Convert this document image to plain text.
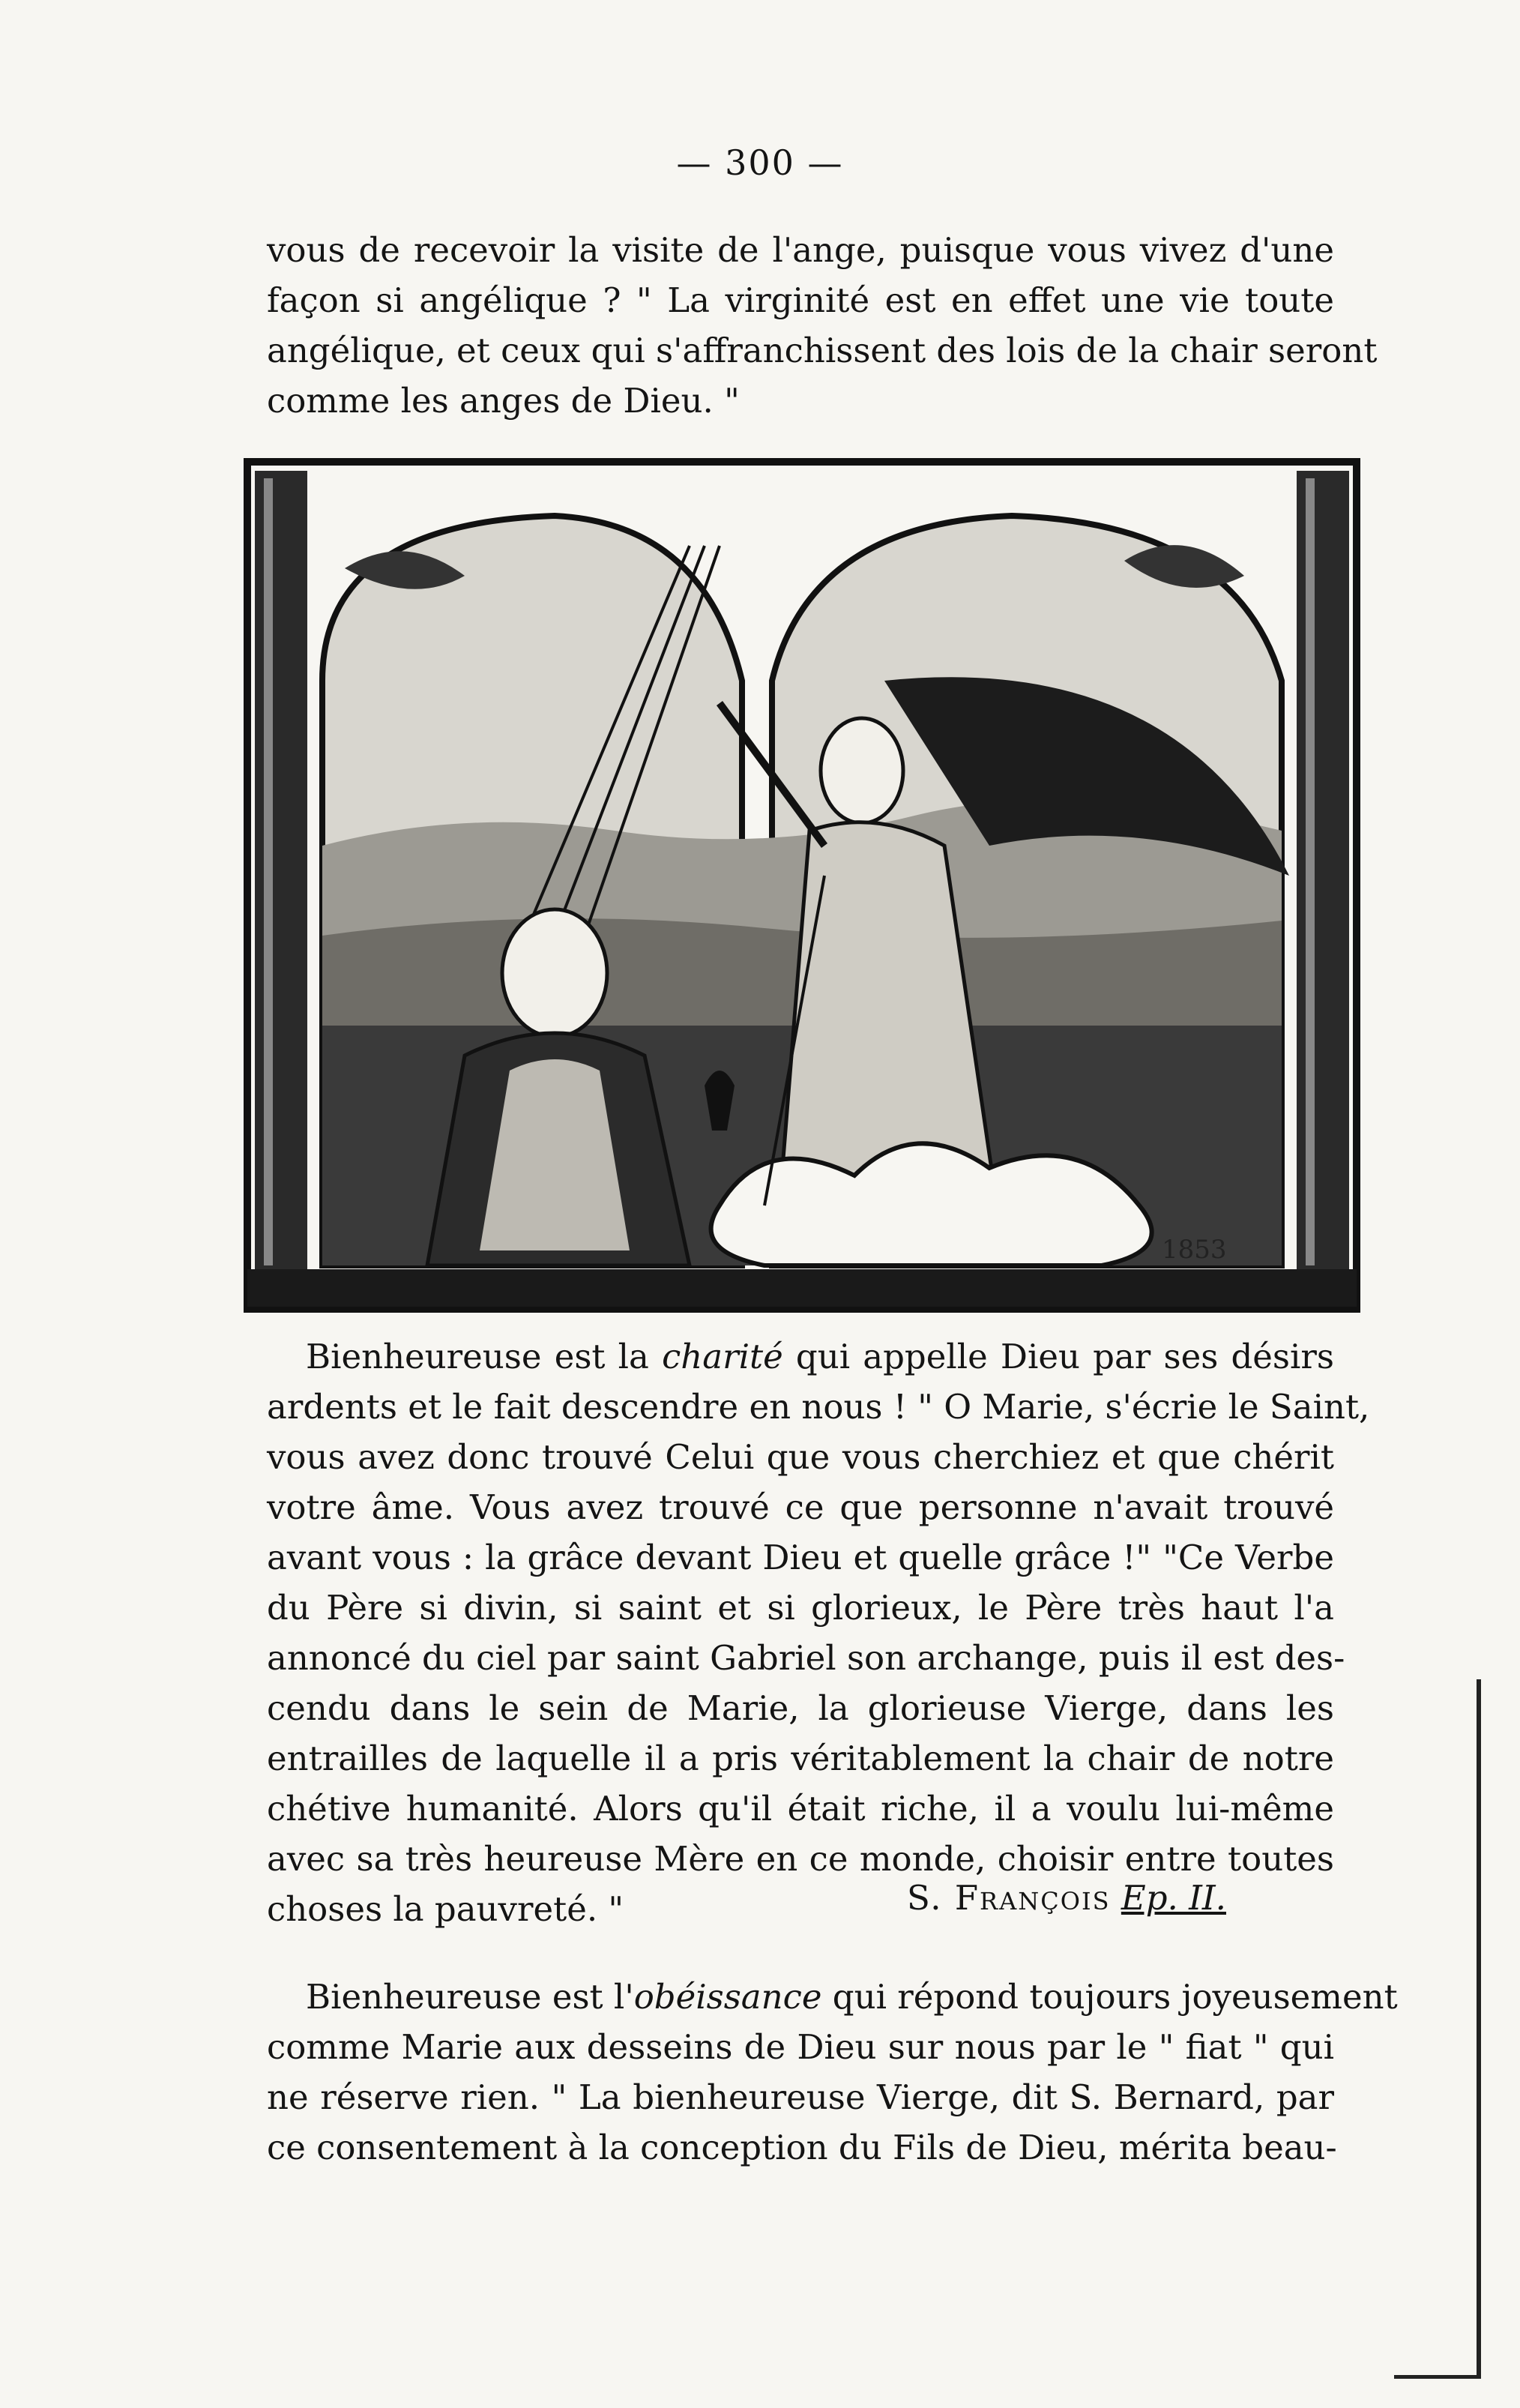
— 300 —
vous de recevoir la visite de l'ange, puisque vous vivez d'une
façon si angélique ? " La virginité est en effet une vie toute
angélique, et ceux qui s'affranchissent des lois de la chair seront
comme les anges de Dieu. "
1853
Bienheureuse est la charité qui appelle Dieu par ses désirs
ardents et le fait descendre en nous ! " O Marie, s'écrie le Saint,
vous avez donc trouvé Celui que vous cherchiez et que chérit
votre âme. Vous avez trouvé ce que personne n'avait trouvé
avant vous : la grâce devant Dieu et quelle grâce !" "Ce Verbe
du Père si divin, si saint et si glorieux, le Père très haut l'a
annoncé du ciel par saint Gabriel son archange, puis il est des-
cendu dans le sein de Marie, la glorieuse Vierge, dans les
entrailles de laquelle il a pris véritablement la chair de notre
chétive humanité. Alors qu'il était riche, il a voulu lui-même
avec sa très heureuse Mère en ce monde, choisir entre toutes
choses la pauvreté. "	S. François Ep. II.
Bienheureuse est l'obéissance qui répond toujours joyeusement
comme Marie aux desseins de Dieu sur nous par le " fiat " qui
ne réserve rien. " La bienheureuse Vierge, dit S. Bernard, par
ce consentement à la conception du Fils de Dieu, mérita beau-
